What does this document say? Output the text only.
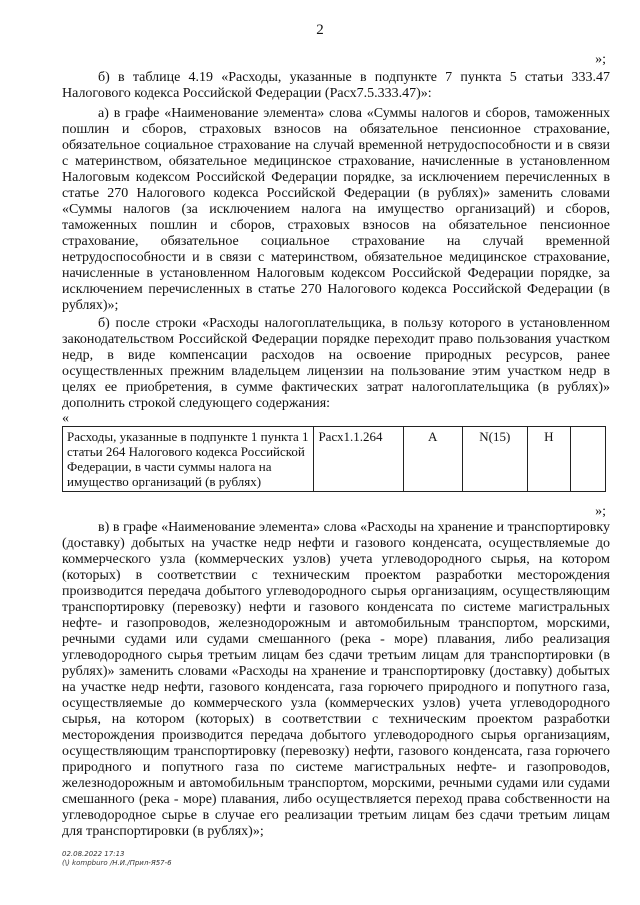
2
»;
б) в таблице 4.19 «Расходы, указанные в подпункте 7 пункта 5 статьи 333.47 Налогового кодекса Российской Федерации (Расх7.5.333.47)»:
а) в графе «Наименование элемента» слова «Суммы налогов и сборов, таможенных пошлин и сборов, страховых взносов на обязательное пенсионное страхование, обязательное социальное страхование на случай временной нетрудоспособности и в связи с материнством, обязательное медицинское страхование, начисленные в установленном Налоговым кодексом Российской Федерации порядке, за исключением перечисленных в статье 270 Налогового кодекса Российской Федерации (в рублях)» заменить словами «Суммы налогов (за исключением налога на имущество организаций) и сборов, таможенных пошлин и сборов, страховых взносов на обязательное пенсионное страхование, обязательное социальное страхование на случай временной нетрудоспособности и в связи с материнством, обязательное медицинское страхование, начисленные в установленном Налоговым кодексом Российской Федерации порядке, за исключением перечисленных в статье 270 Налогового кодекса Российской Федерации (в рублях)»;
б) после строки «Расходы налогоплательщика, в пользу которого в установленном законодательством Российской Федерации порядке переходит право пользования участком недр, в виде компенсации расходов на освоение природных ресурсов, ранее осуществленных прежним владельцем лицензии на пользование этим участком недр в целях ее приобретения, в сумме фактических затрат налогоплательщика (в рублях)» дополнить строкой следующего содержания:
«
Расходы, указанные в подпункте 1 пункта 1 статьи 264 Налогового кодекса Российской Федерации, в части суммы налога на имущество организаций (в рублях)	Расх1.1.264	А	N(15)	Н	
»;
в) в графе «Наименование элемента» слова «Расходы на хранение и транспортировку (доставку) добытых на участке недр нефти и газового конденсата, осуществляемые до коммерческого узла (коммерческих узлов) учета углеводородного сырья, на котором (которых) в соответствии с техническим проектом разработки месторождения производится передача добытого углеводородного сырья организациям, осуществляющим транспортировку (перевозку) нефти и газового конденсата по системе магистральных нефте- и газопроводов, железнодорожным и автомобильным транспортом, морскими, речными судами или судами смешанного (река - море) плавания, либо реализация углеводородного сырья третьим лицам без сдачи третьим лицам для транспортировки (в рублях)» заменить словами «Расходы на хранение и транспортировку (доставку) добытых на участке недр нефти, газового конденсата, газа горючего природного и попутного газа, осуществляемые до коммерческого узла (коммерческих узлов) учета углеводородного сырья, на котором (которых) в соответствии с техническим проектом разработки месторождения производится передача добытого углеводородного сырья организациям, осуществляющим транспортировку (перевозку) нефти, газового конденсата, газа горючего природного и попутного газа по системе магистральных нефте- и газопроводов, железнодорожным и автомобильным транспортом, морскими, речными судами или судами смешанного (река - море) плавания, либо осуществляется переход права собственности на углеводородное сырье в случае его реализации третьим лицам без сдачи третьим лицам для транспортировки (в рублях)»;
02.08.2022 17:13
(\) kompburo /Н.И./Прил-Я57-6
